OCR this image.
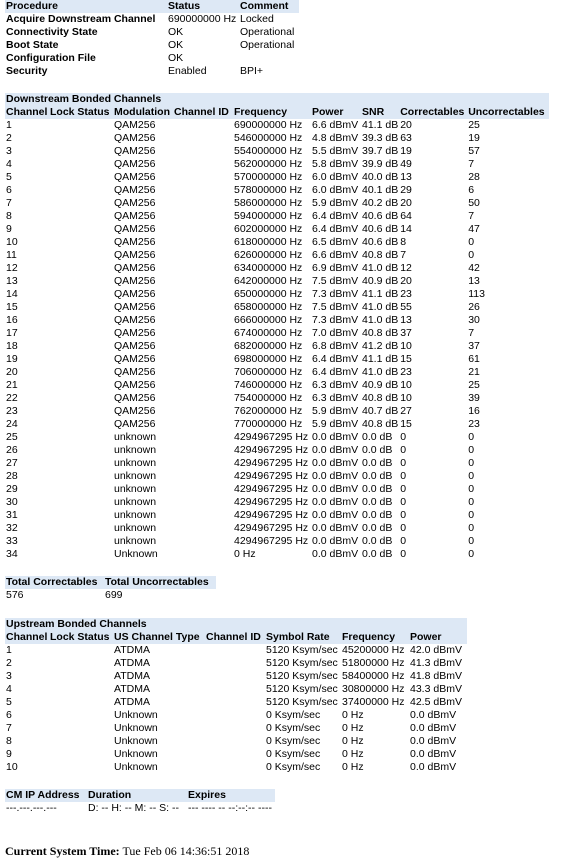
Procedure	Status	Comment
Acquire Downstream Channel	690000000 Hz	Locked
Connectivity State	OK	Operational
Boot State	OK	Operational
Configuration File	OK	
Security	Enabled	BPI+
Downstream Bonded Channels								
Channel	Lock Status	Modulation	Channel ID	Frequency	Power	SNR	Correctables	Uncorrectables
1		QAM256		690000000 Hz	6.6 dBmV	41.1 dB	20	25
2		QAM256		546000000 Hz	4.8 dBmV	39.3 dB	63	19
3		QAM256		554000000 Hz	5.5 dBmV	39.7 dB	19	57
4		QAM256		562000000 Hz	5.8 dBmV	39.9 dB	49	7
5		QAM256		570000000 Hz	6.0 dBmV	40.0 dB	13	28
6		QAM256		578000000 Hz	6.0 dBmV	40.1 dB	29	6
7		QAM256		586000000 Hz	5.9 dBmV	40.2 dB	20	50
8		QAM256		594000000 Hz	6.4 dBmV	40.6 dB	64	7
9		QAM256		602000000 Hz	6.4 dBmV	40.6 dB	14	47
10		QAM256		618000000 Hz	6.5 dBmV	40.6 dB	8	0
11		QAM256		626000000 Hz	6.6 dBmV	40.8 dB	7	0
12		QAM256		634000000 Hz	6.9 dBmV	41.0 dB	12	42
13		QAM256		642000000 Hz	7.5 dBmV	40.9 dB	20	13
14		QAM256		650000000 Hz	7.3 dBmV	41.1 dB	23	113
15		QAM256		658000000 Hz	7.5 dBmV	41.0 dB	55	26
16		QAM256		666000000 Hz	7.3 dBmV	41.0 dB	13	30
17		QAM256		674000000 Hz	7.0 dBmV	40.8 dB	37	7
18		QAM256		682000000 Hz	6.8 dBmV	41.2 dB	10	37
19		QAM256		698000000 Hz	6.4 dBmV	41.1 dB	15	61
20		QAM256		706000000 Hz	6.4 dBmV	41.0 dB	23	21
21		QAM256		746000000 Hz	6.3 dBmV	40.9 dB	10	25
22		QAM256		754000000 Hz	6.3 dBmV	40.8 dB	10	39
23		QAM256		762000000 Hz	5.9 dBmV	40.7 dB	27	16
24		QAM256		770000000 Hz	5.9 dBmV	40.8 dB	15	23
25		unknown		4294967295 Hz	0.0 dBmV	0.0 dB	0	0
26		unknown		4294967295 Hz	0.0 dBmV	0.0 dB	0	0
27		unknown		4294967295 Hz	0.0 dBmV	0.0 dB	0	0
28		unknown		4294967295 Hz	0.0 dBmV	0.0 dB	0	0
29		unknown		4294967295 Hz	0.0 dBmV	0.0 dB	0	0
30		unknown		4294967295 Hz	0.0 dBmV	0.0 dB	0	0
31		unknown		4294967295 Hz	0.0 dBmV	0.0 dB	0	0
32		unknown		4294967295 Hz	0.0 dBmV	0.0 dB	0	0
33		unknown		4294967295 Hz	0.0 dBmV	0.0 dB	0	0
34		Unknown		0 Hz	0.0 dBmV	0.0 dB	0	0
Total Correctables	Total Uncorrectables
576	699
Upstream Bonded Channels						
Channel	Lock Status	US Channel Type	Channel ID	Symbol Rate	Frequency	Power
1		ATDMA		5120 Ksym/sec	45200000 Hz	42.0 dBmV
2		ATDMA		5120 Ksym/sec	51800000 Hz	41.3 dBmV
3		ATDMA		5120 Ksym/sec	58400000 Hz	41.8 dBmV
4		ATDMA		5120 Ksym/sec	30800000 Hz	43.3 dBmV
5		ATDMA		5120 Ksym/sec	37400000 Hz	42.5 dBmV
6		Unknown		0 Ksym/sec	0 Hz	0.0 dBmV
7		Unknown		0 Ksym/sec	0 Hz	0.0 dBmV
8		Unknown		0 Ksym/sec	0 Hz	0.0 dBmV
9		Unknown		0 Ksym/sec	0 Hz	0.0 dBmV
10		Unknown		0 Ksym/sec	0 Hz	0.0 dBmV
CM IP Address	Duration	Expires
---.---.---.---	D: -- H: -- M: -- S: --	--- ---- -- --:--:-- ----
Current System Time: Tue Feb 06 14:36:51 2018
